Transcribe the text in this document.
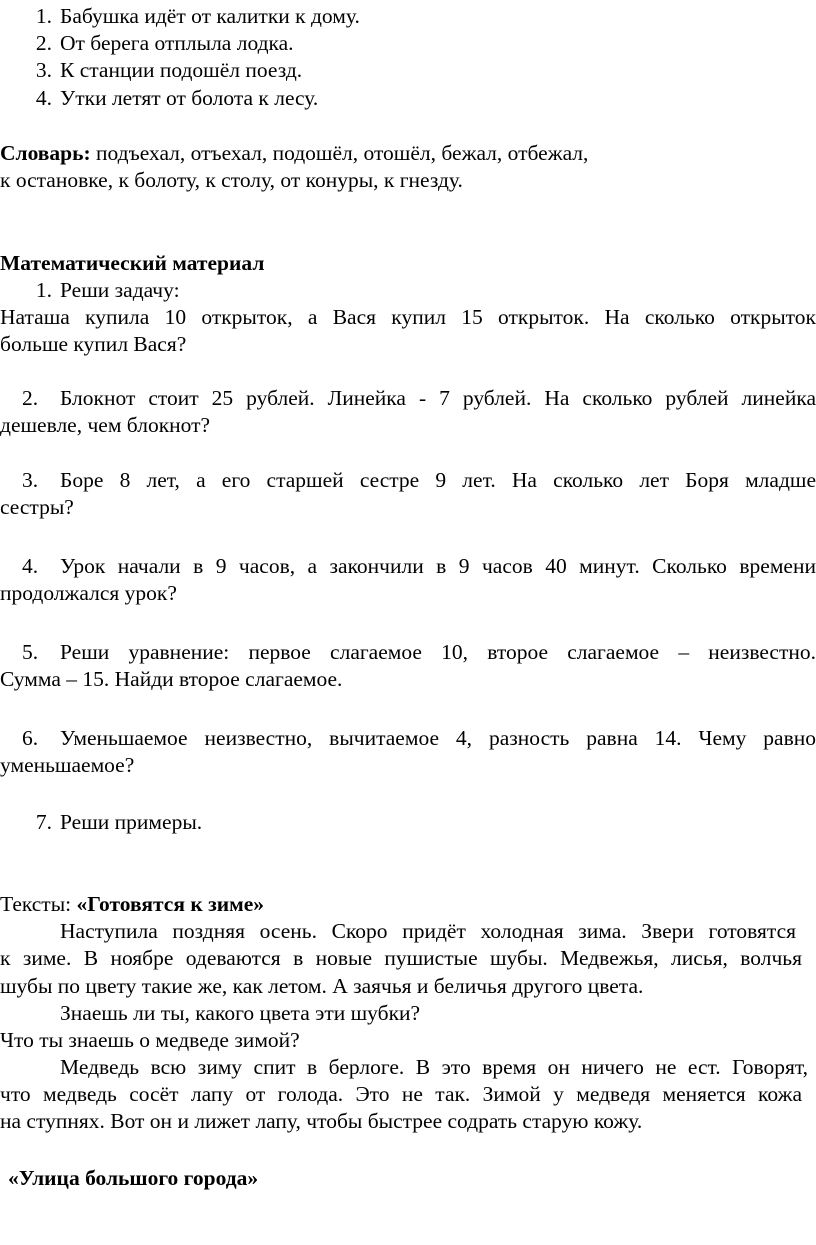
1. Бабушка идёт от калитки к дому.
2. От берега отплыла лодка.
3. К станции подошёл поезд.
4. Утки летят от болота к лесу.
Словарь: подъехал, отъехал, подошёл, отошёл, бежал, отбежал,
к остановке, к болоту, к столу, от конуры, к гнезду.
Математический материал
1. Реши задачу:
Наташа купила 10 открыток, а Вася купил 15 открыток. На сколько открыток
больше купил Вася?
2. Блокнот стоит 25 рублей. Линейка - 7 рублей. На сколько рублей линейка
дешевле, чем блокнот?
3. Боре 8 лет, а его старшей сестре 9 лет. На сколько лет Боря младше
сестры?
4. Урок начали в 9 часов, а закончили в 9 часов 40 минут. Сколько времени
продолжался урок?
5. Реши уравнение: первое слагаемое 10, второе слагаемое – неизвестно.
Сумма – 15. Найди второе слагаемое.
6. Уменьшаемое неизвестно, вычитаемое 4, разность равна 14. Чему равно
уменьшаемое?
7. Реши примеры.
Тексты: «Готовятся к зиме»
Наступила поздняя осень. Скоро придёт холодная зима. Звери готовятся
к зиме. В ноябре одеваются в новые пушистые шубы. Медвежья, лисья, волчья
шубы по цвету такие же, как летом. А заячья и беличья другого цвета.
Знаешь ли ты, какого цвета эти шубки?
Что ты знаешь о медведе зимой?
Медведь всю зиму спит в берлоге. В это время он ничего не ест. Говорят,
что медведь сосёт лапу от голода. Это не так. Зимой у медведя меняется кожа
на ступнях. Вот он и лижет лапу, чтобы быстрее содрать старую кожу.
«Улица большого города»
